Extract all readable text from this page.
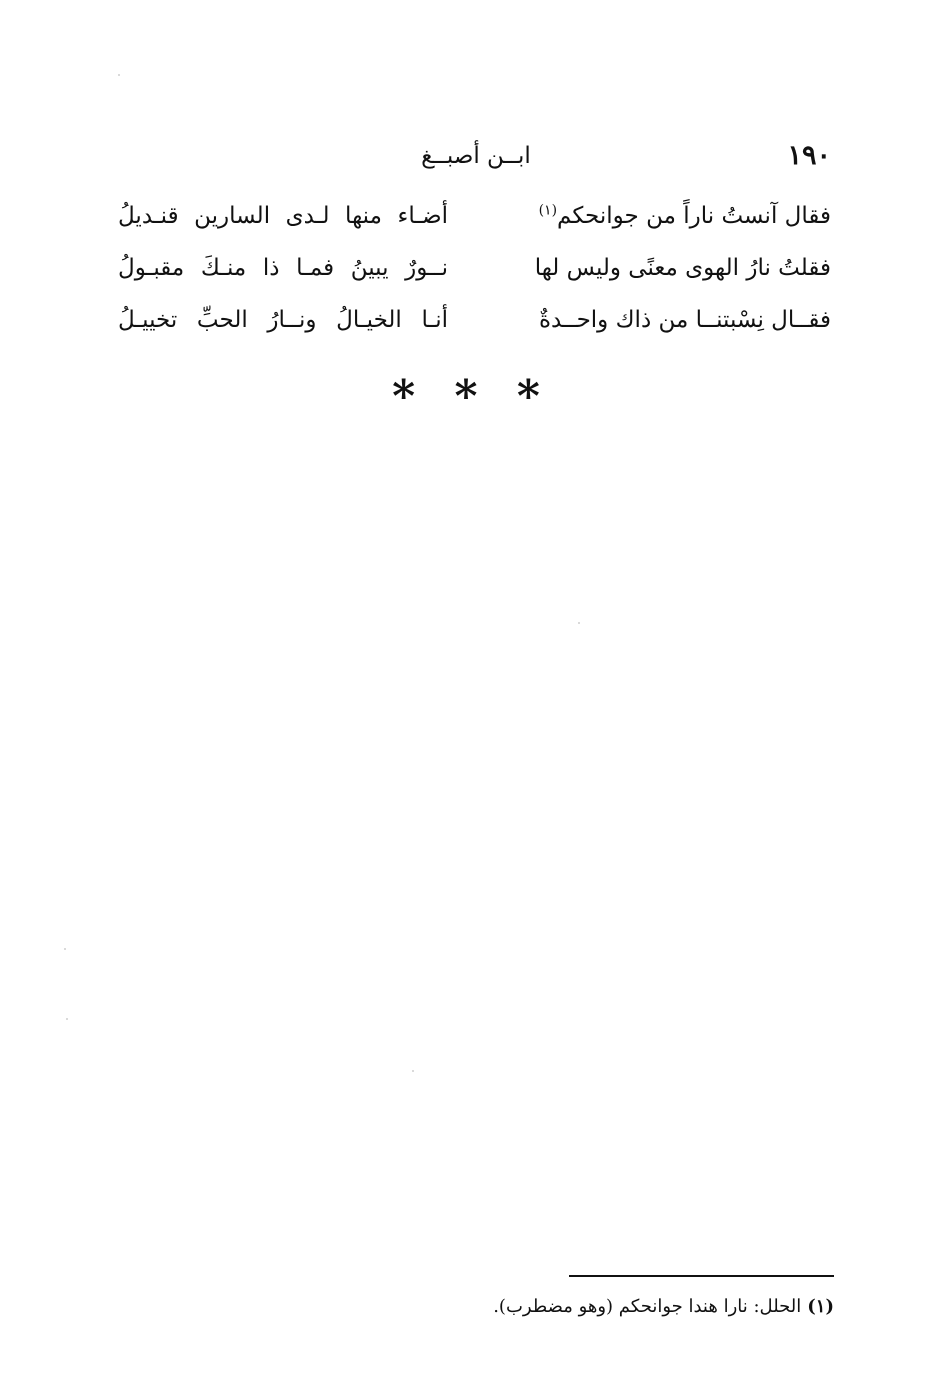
١٩٠
ابــن أصبــغ
فقال آنستُ ناراً من جوانحكم$^{(١)}$
أضـاء منها لـدى السارين قنـديلُ
فقلتُ نارُ الهوى معنًى وليس لها
نــورٌ يبينُ فمـا ذا منـكَ مقبـولُ
فقــال نِسْبتنــا من ذاك واحــدةٌ
أنـا الخيـالُ ونــارُ الحبِّ تخييـلُ
* * *
(١)الحلل: نارا هندا جوانحكم (وهو مضطرب).
